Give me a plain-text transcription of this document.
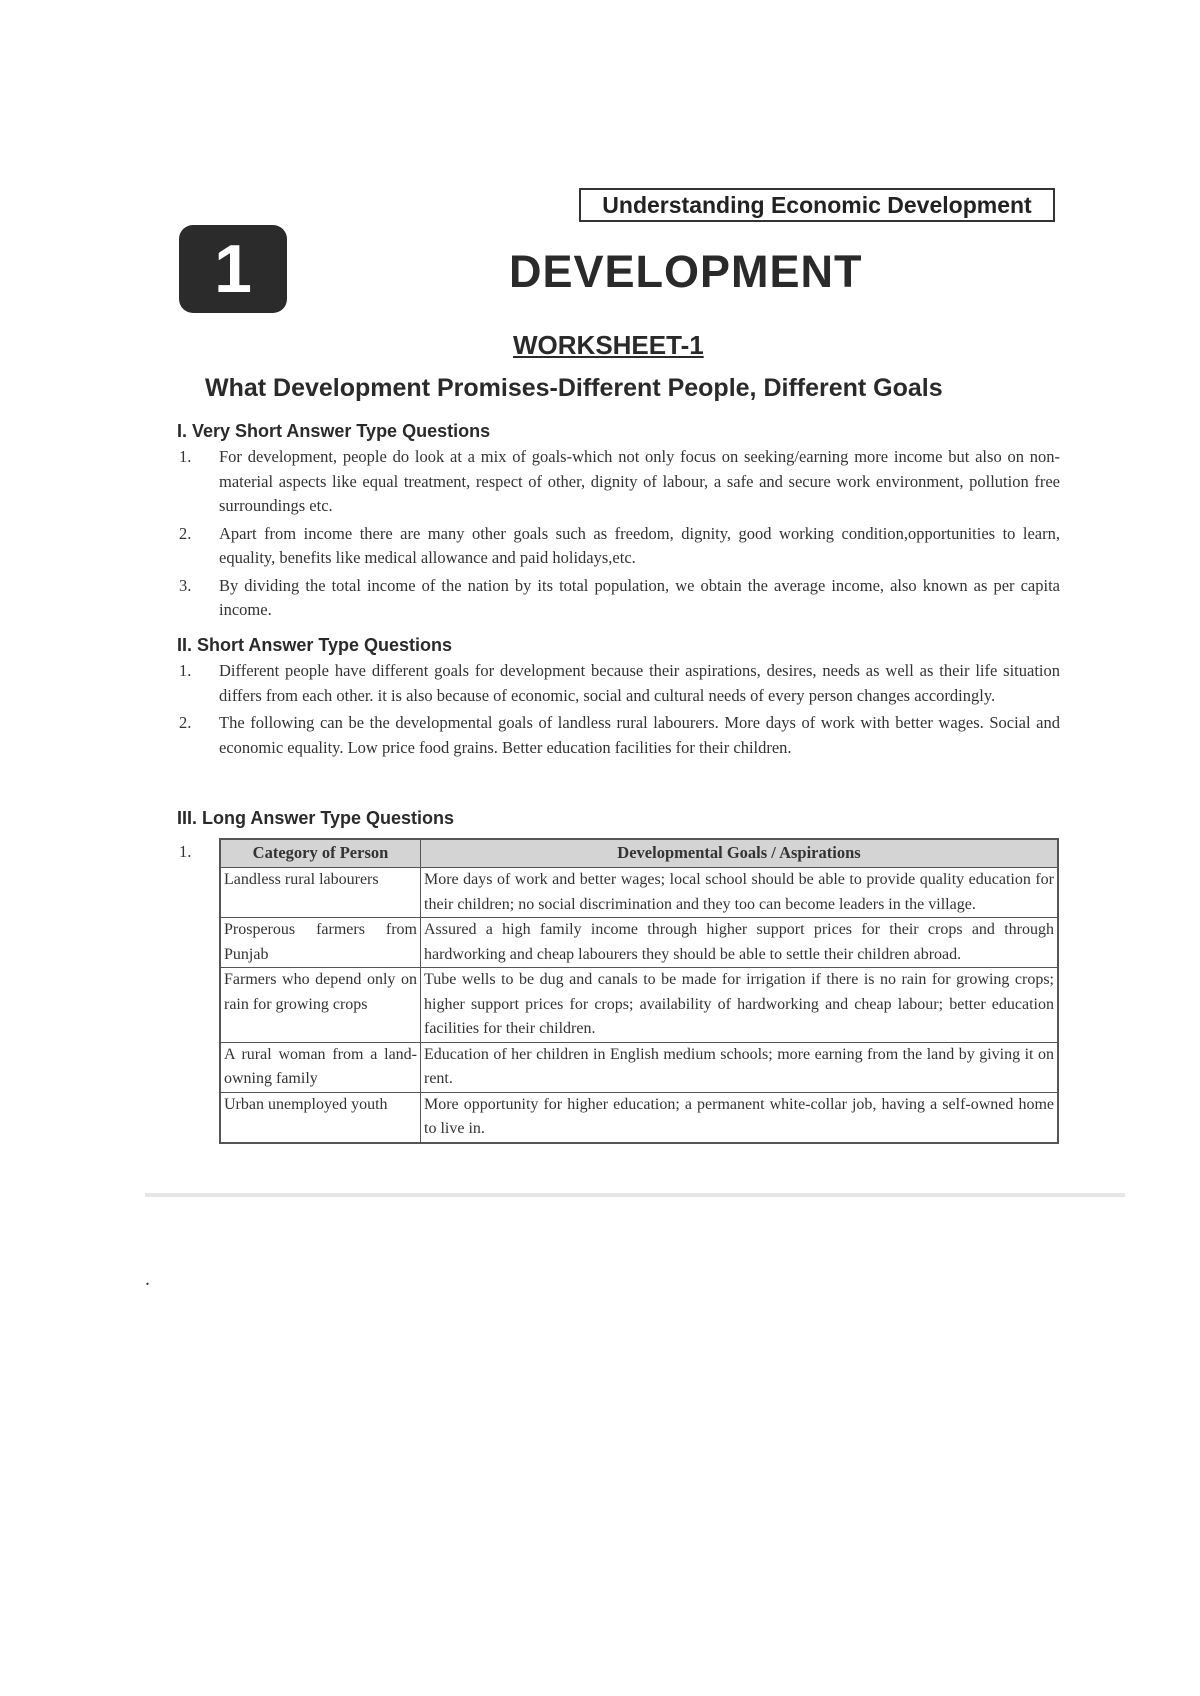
Understanding Economic Development
1	DEVELOPMENT
WORKSHEET-1
What Development Promises-Different People, Different Goals
I. Very Short Answer Type Questions
1. For development, people do look at a mix of goals-which not only focus on seeking/earning more income but also on non-material aspects like equal treatment, respect of other, dignity of labour, a safe and secure work environment, pollution free surroundings etc.
2. Apart from income there are many other goals such as freedom, dignity, good working condition,opportunities to learn, equality, benefits like medical allowance and paid holidays,etc.
3. By dividing the total income of the nation by its total population, we obtain the average income, also known as per capita income.
II. Short Answer Type Questions
1. Different people have different goals for development because their aspirations, desires, needs as well as their life situation differs from each other. it is also because of economic, social and cultural needs of every person changes accordingly.
2. The following can be the developmental goals of landless rural labourers. More days of work with better wages. Social and economic equality. Low price food grains. Better education facilities for their children.
III. Long Answer Type Questions
1.	Category of Person	Developmental Goals / Aspirations
Landless rural labourers	More days of work and better wages; local school should be able to provide quality education for their children; no social discrimination and they too can become leaders in the village.
Prosperous farmers from Punjab	Assured a high family income through higher support prices for their crops and through hardworking and cheap labourers they should be able to settle their children abroad.
Farmers who depend only on rain for growing crops	Tube wells to be dug and canals to be made for irrigation if there is no rain for growing crops; higher support prices for crops; availability of hardworking and cheap labour; better education facilities for their children.
A rural woman from a land-owning family	Education of her children in English medium schools; more earning from the land by giving it on rent.
Urban unemployed youth	More opportunity for higher education; a permanent white-collar job, having a self-owned home to live in.
.
